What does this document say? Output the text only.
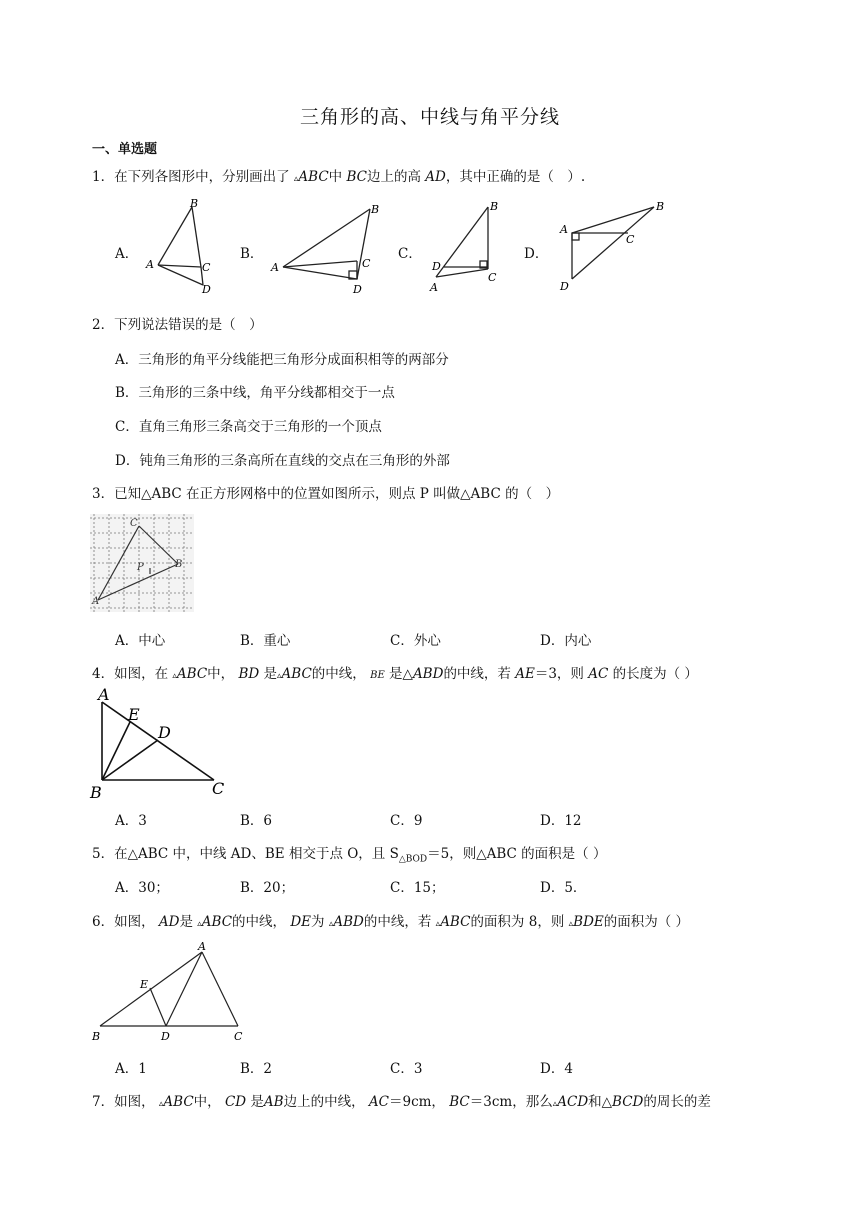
三角形的高、中线与角平分线
一、单选题
1．在下列各图形中，分别画出了 ▵ABC中 BC边上的高 AD，其中正确的是（　）.
A．	B．	C．	D．
B
A	C
D
B
A	C
D
B
D
A
C
A
B
C
D
2．下列说法错误的是（　）
A．三角形的角平分线能把三角形分成面积相等的两部分
B．三角形的三条中线，角平分线都相交于一点
C．直角三角形三条高交于三角形的一个顶点
D．钝角三角形的三条高所在直线的交点在三角形的外部
3．已知△ABC 在正方形网格中的位置如图所示，则点 P 叫做△ABC 的（　）
C
B
A
P
A．中心	B．重心	C．外心	D．内心
4．如图，在 ▵ABC中， BD 是▵ABC的中线， BE 是△ABD的中线，若 AE＝3，则 AC 的长度为（ ）
A
E
D
B	C
A．3	B．6	C．9	D．12
5．在△ABC 中，中线 AD、BE 相交于点 O，且 $S_{\triangle BOD}=5$，则△ABC 的面积是（ ）
A．30；	B．20；	C．15；	D．5．
6．如图， AD是 ▵ABC的中线， DE为 ▵ABD的中线，若 ▵ABC的面积为 8，则 ▵BDE的面积为（ ）
A
E
B	D	C
A．1	B．2	C．3	D．4
7．如图， ▵ABC中， CD 是AB边上的中线， AC＝9cm， BC＝3cm，那么▵ACD和△BCD的周长的差
